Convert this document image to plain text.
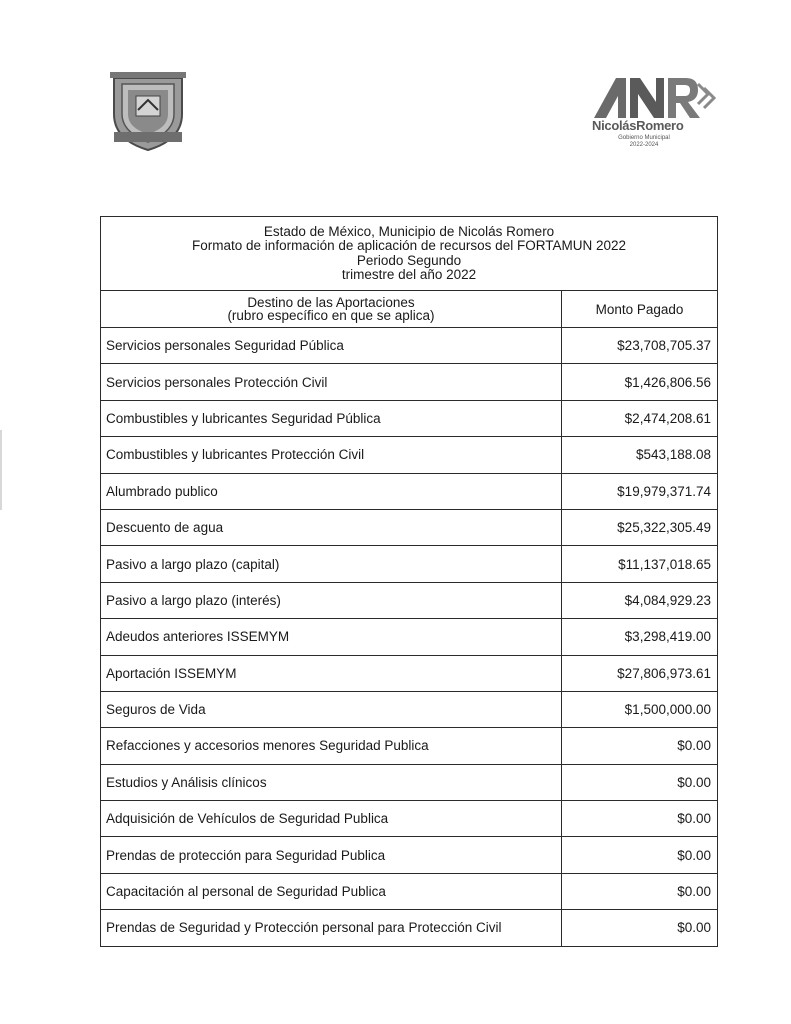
NicolásRomero
Gobierno Municipal
2022-2024
Estado de México, Municipio de Nicolás Romero
Formato de información de aplicación de recursos del FORTAMUN 2022
Periodo Segundo
trimestre del año 2022	

Destino de las Aportaciones
(rubro específico en que se aplica)	Monto Pagado
Servicios personales Seguridad Pública	$23,708,705.37
Servicios personales Protección Civil	$1,426,806.56
Combustibles y lubricantes Seguridad Pública	$2,474,208.61
Combustibles y lubricantes Protección Civil	$543,188.08
Alumbrado publico	$19,979,371.74
Descuento de agua	$25,322,305.49
Pasivo a largo plazo (capital)	$11,137,018.65
Pasivo a largo plazo (interés)	$4,084,929.23
Adeudos anteriores ISSEMYM	$3,298,419.00
Aportación ISSEMYM	$27,806,973.61
Seguros de Vida	$1,500,000.00
Refacciones y accesorios menores Seguridad Publica	$0.00
Estudios y Análisis clínicos	$0.00
Adquisición de Vehículos de Seguridad Publica	$0.00
Prendas de protección para Seguridad Publica	$0.00
Capacitación al personal de Seguridad Publica	$0.00
Prendas de Seguridad y Protección personal para Protección Civil	$0.00
